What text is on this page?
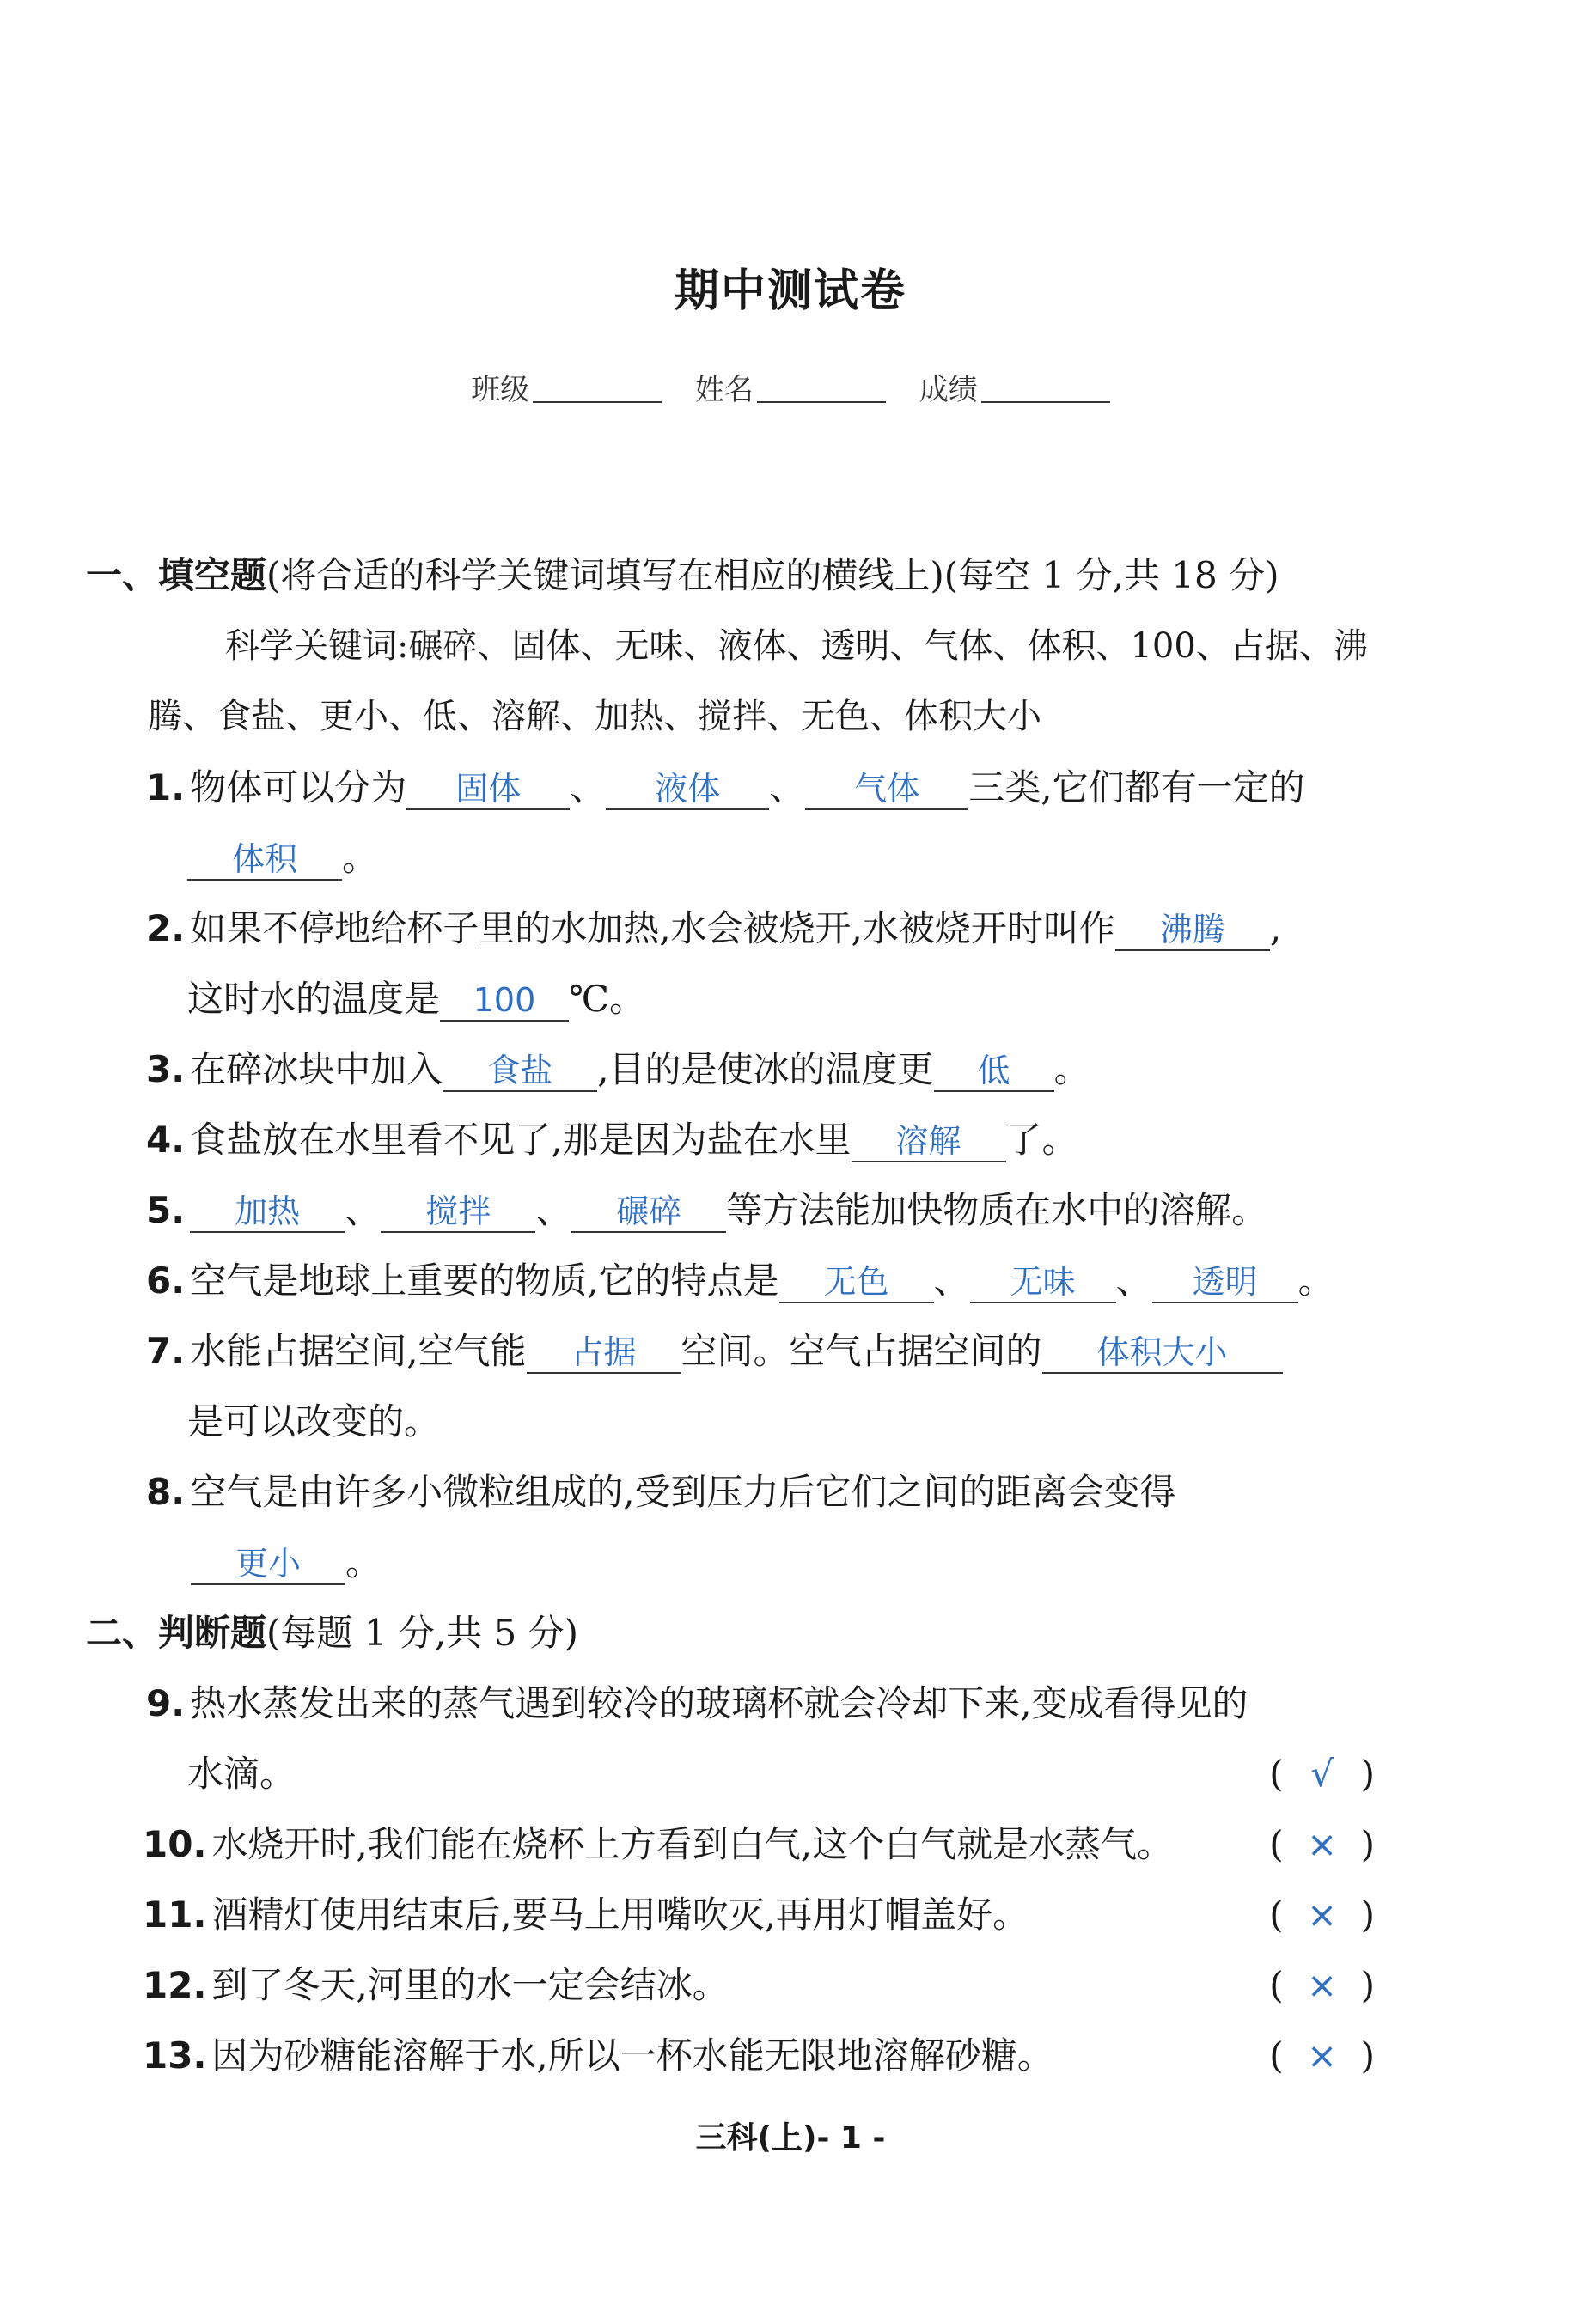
期中测试卷
班级	姓名	成绩
一、填空题(将合适的科学关键词填写在相应的横线上)(每空 1 分,共 18 分)
科学关键词:碾碎、固体、无味、液体、透明、气体、体积、100、占据、沸
腾、食盐、更小、低、溶解、加热、搅拌、无色、体积大小
1. 物体可以分为 固体 、 液体 、 气体 三类,它们都有一定的
体积 。
2. 如果不停地给杯子里的水加热,水会被烧开,水被烧开时叫作 沸腾 ,
这时水的温度是 100 ℃。
3. 在碎冰块中加入 食盐 ,目的是使冰的温度更 低 。
4. 食盐放在水里看不见了,那是因为盐在水里 溶解 了。
5. 加热 、 搅拌 、 碾碎 等方法能加快物质在水中的溶解。
6. 空气是地球上重要的物质,它的特点是 无色 、 无味 、 透明 。
7. 水能占据空间,空气能 占据 空间。空气占据空间的 体积大小
是可以改变的。
8. 空气是由许多小微粒组成的,受到压力后它们之间的距离会变得
更小 。
二、判断题(每题 1 分,共 5 分)
9. 热水蒸发出来的蒸气遇到较冷的玻璃杯就会冷却下来,变成看得见的
水滴。	( √ )
10. 水烧开时,我们能在烧杯上方看到白气,这个白气就是水蒸气。	( × )
11. 酒精灯使用结束后,要马上用嘴吹灭,再用灯帽盖好。	( × )
12. 到了冬天,河里的水一定会结冰。	( × )
13. 因为砂糖能溶解于水,所以一杯水能无限地溶解砂糖。	( × )
三科(上)- 1 -
